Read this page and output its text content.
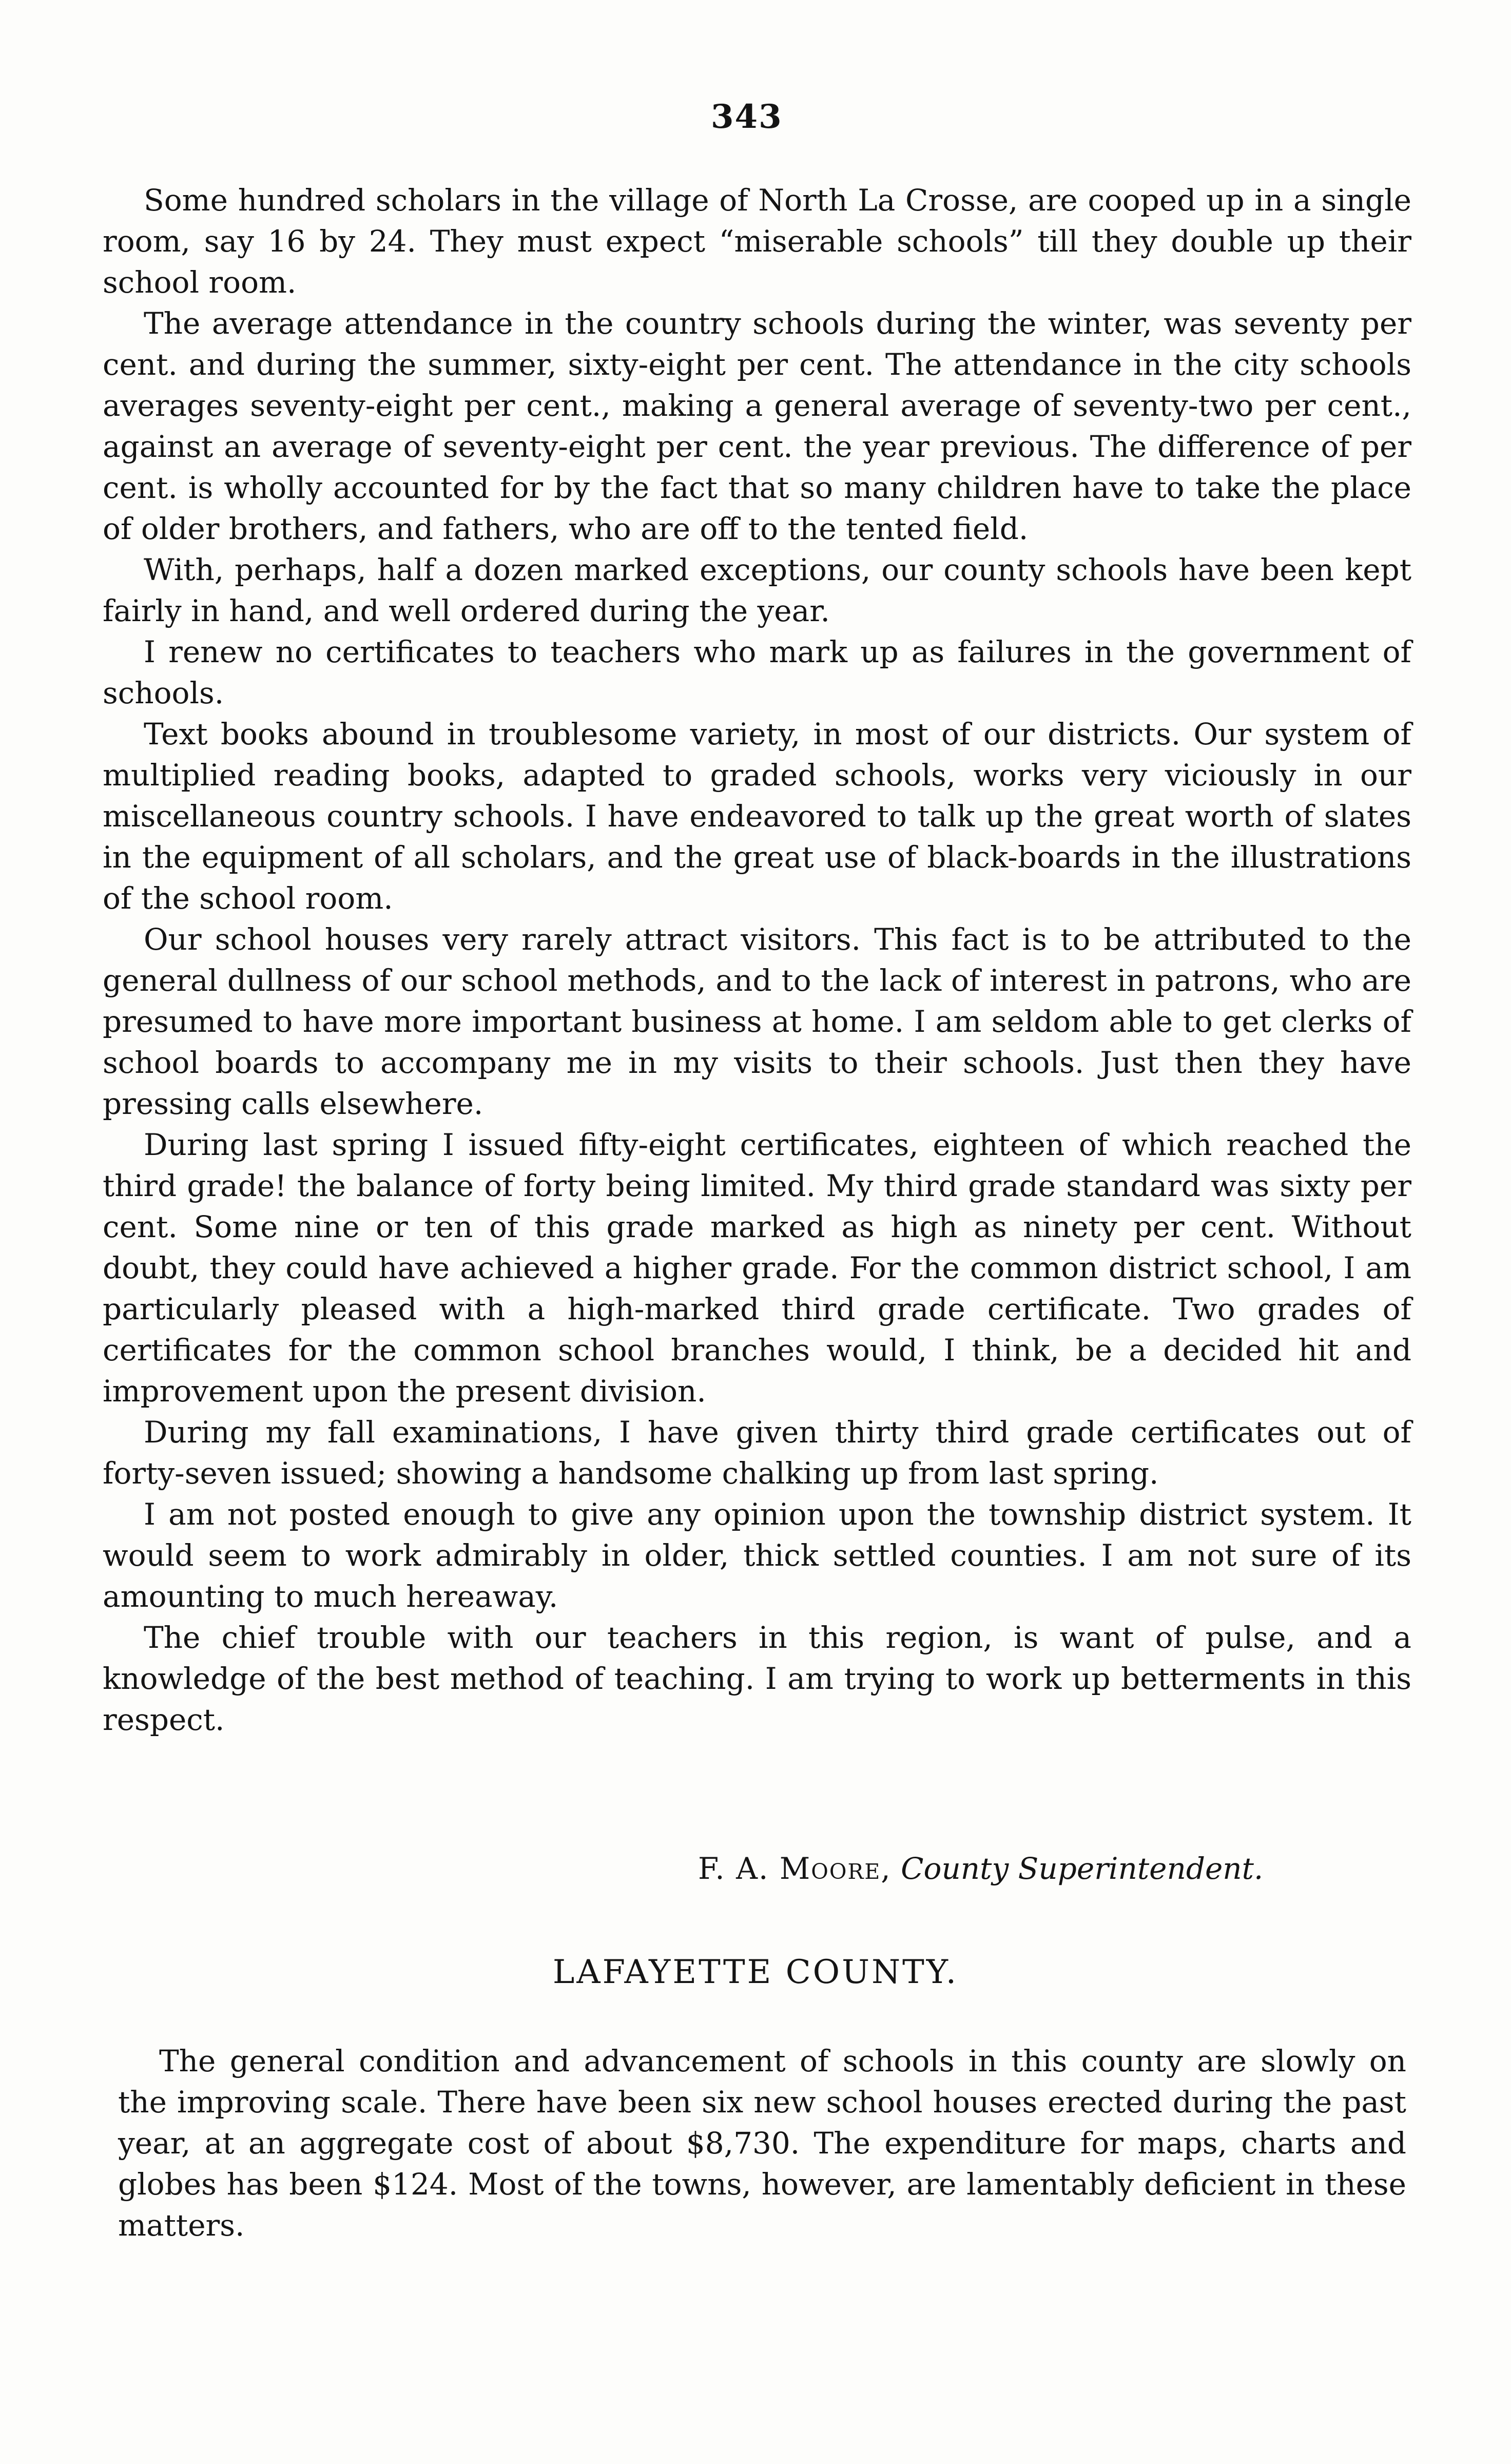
343

Some hundred scholars in the village of North La Crosse, are cooped up in a single room, say 16 by 24. They must expect “miserable schools” till they double up their school room.

The average attendance in the country schools during the winter, was seventy per cent. and during the summer, sixty-eight per cent. The attendance in the city schools averages seventy-eight per cent., making a general average of seventy-two per cent., against an average of seventy-eight per cent. the year previous. The difference of per cent. is wholly accounted for by the fact that so many children have to take the place of older brothers, and fathers, who are off to the tented field.

With, perhaps, half a dozen marked exceptions, our county schools have been kept fairly in hand, and well ordered during the year.

I renew no certificates to teachers who mark up as failures in the government of schools.

Text books abound in troublesome variety, in most of our districts. Our system of multiplied reading books, adapted to graded schools, works very viciously in our miscellaneous country schools. I have endeavored to talk up the great worth of slates in the equipment of all scholars, and the great use of black-boards in the illustrations of the school room.

Our school houses very rarely attract visitors. This fact is to be attributed to the general dullness of our school methods, and to the lack of interest in patrons, who are presumed to have more important business at home. I am seldom able to get clerks of school boards to accompany me in my visits to their schools. Just then they have pressing calls elsewhere.

During last spring I issued fifty-eight certificates, eighteen of which reached the third grade! the balance of forty being limited. My third grade standard was sixty per cent. Some nine or ten of this grade marked as high as ninety per cent. Without doubt, they could have achieved a higher grade. For the common district school, I am particularly pleased with a high-marked third grade certificate. Two grades of certificates for the common school branches would, I think, be a decided hit and improvement upon the present division.

During my fall examinations, I have given thirty third grade certificates out of forty-seven issued; showing a handsome chalking up from last spring.

I am not posted enough to give any opinion upon the township district system. It would seem to work admirably in older, thick settled counties. I am not sure of its amounting to much hereaway.

The chief trouble with our teachers in this region, is want of pulse, and a knowledge of the best method of teaching. I am trying to work up betterments in this respect.

F. A. Moore, County Superintendent.
LAFAYETTE COUNTY.

The general condition and advancement of schools in this county are slowly on the improving scale. There have been six new school houses erected during the past year, at an aggregate cost of about $8,730. The expenditure for maps, charts and globes has been $124. Most of the towns, however, are lamentably deficient in these matters.
